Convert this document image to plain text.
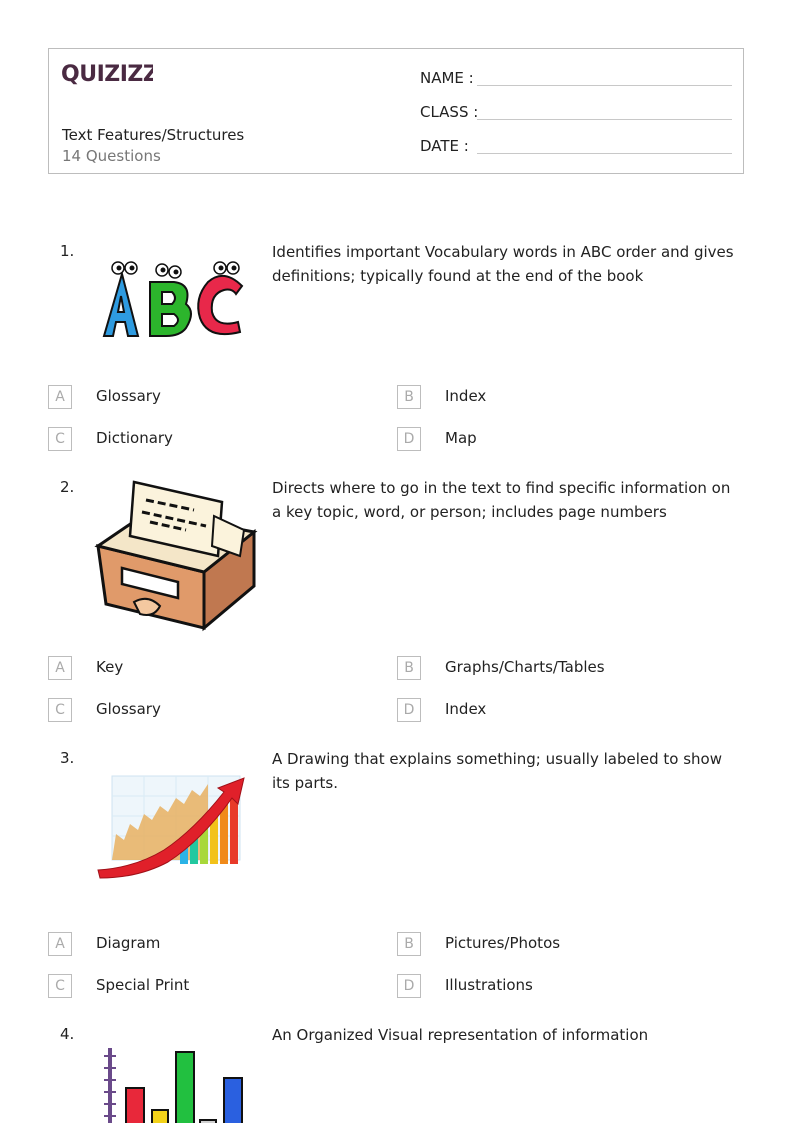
QUIZIZZ
Text Features/Structures
14 Questions
NAME :
CLASS :
DATE :
1.	Identifies important Vocabulary words in ABC order and gives definitions; typically found at the end of the book
A	Glossary	B	Index
C	Dictionary	D	Map
2.	Directs where to go in the text to find specific information on a key topic, word, or person; includes page numbers
A	Key	B	Graphs/Charts/Tables
C	Glossary	D	Index
3.	A Drawing that explains something; usually labeled to show its parts.
A	Diagram	B	Pictures/Photos
C	Special Print	D	Illustrations
4.	An Organized Visual representation of information
